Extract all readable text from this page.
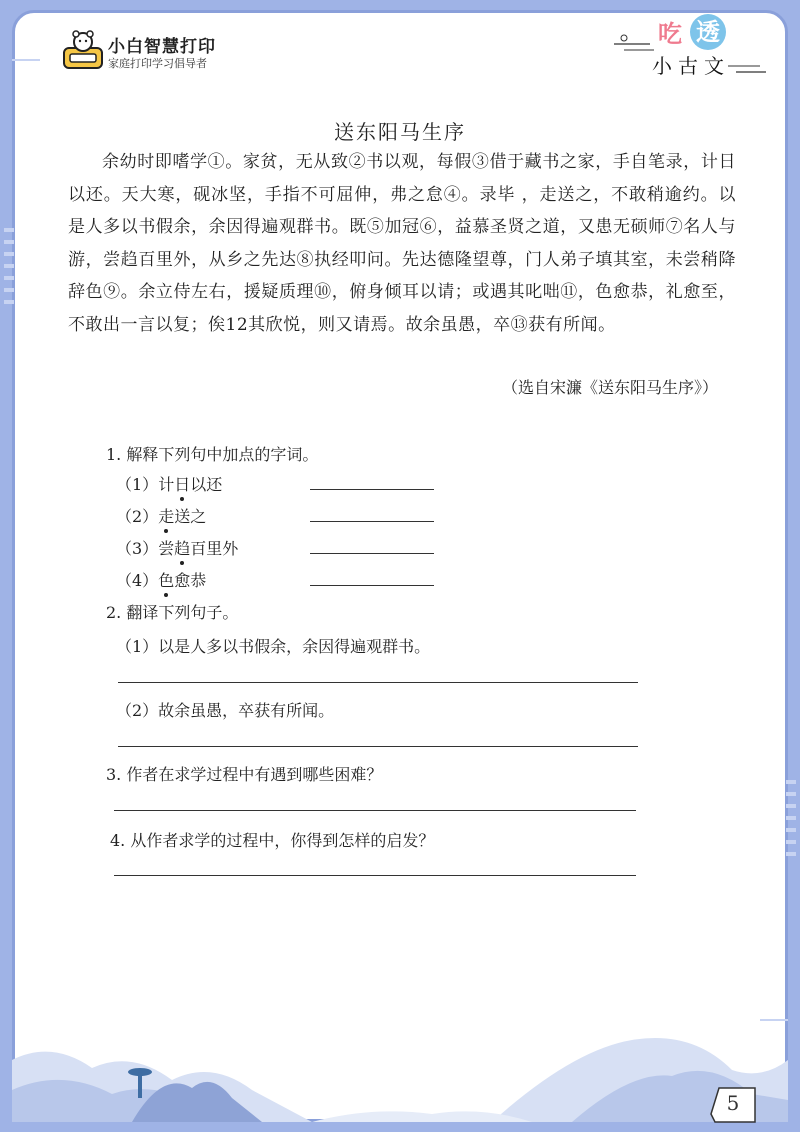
小白智慧打印
家庭打印学习倡导者
吃 透
小古文
送东阳马生序
余幼时即嗜学①。家贫，无从致②书以观，每假③借于藏书之家，手自笔录，计日以还。天大寒，砚冰坚，手指不可屈伸，弗之怠④。录毕 ，走送之，不敢稍逾约。以是人多以书假余，余因得遍观群书。既⑤加冠⑥，益慕圣贤之道，又患无硕师⑦名人与游，尝趋百里外，从乡之先达⑧执经叩问。先达德隆望尊，门人弟子填其室，未尝稍降辞色⑨。余立侍左右，援疑质理⑩，俯身倾耳以请；或遇其叱咄⑪，色愈恭，礼愈至，不敢出一言以复；俟12其欣悦，则又请焉。故余虽愚，卒⑬获有所闻。
（选自宋濂《送东阳马生序》）
1. 解释下列句中加点的字词。
（1）计日以还
（2）走送之
（3）尝趋百里外
（4）色愈恭
2. 翻译下列句子。
（1）以是人多以书假余，余因得遍观群书。
（2）故余虽愚，卒获有所闻。
3. 作者在求学过程中有遇到哪些困难？
4. 从作者求学的过程中，你得到怎样的启发？
5
